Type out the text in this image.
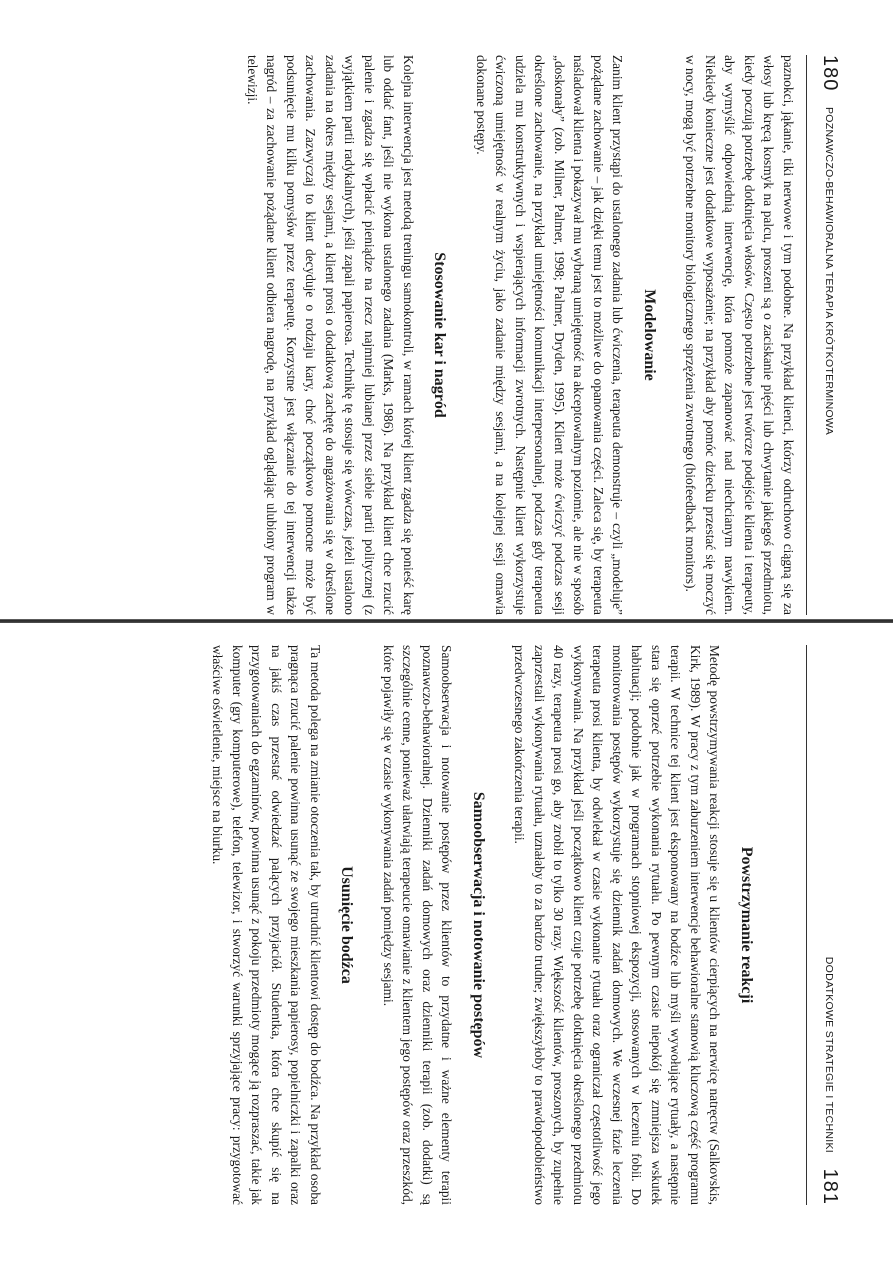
180
POZNAWCZO-BEHAWIORALNA TERAPIA KRÓTKOTERMINOWA

paznokci, jąkanie, tiki nerwowe i tym podobne. Na przykład klienci, którzy odruchowo ciągną się za włosy lub kręcą kosmyk na palcu, proszeni są o zaciskanie pięści lub chwytanie jakiegoś przedmiotu, kiedy poczują potrzebę dotknięcia włosów. Często potrzebne jest twórcze podejście klienta i terapeuty, aby wymyślić odpowiednią interwencję, która pomoże zapanować nad niechcianym nawykiem. Niekiedy konieczne jest dodatkowe wyposażenie; na przykład aby pomóc dziecku przestać się moczyć w nocy, mogą być potrzebne monitory biologicznego sprzężenia zwrotnego (biofeedback monitors).

Modelowanie

Zanim klient przystąpi do ustalonego zadania lub ćwiczenia, terapeuta demonstruje – czyli „modeluje” pożądane zachowanie – jak dzięki temu jest to możliwe do opanowania części. Zaleca się, by terapeuta naśladował klienta i pokazywał mu wybraną umiejętność na akceptowalnym poziomie, ale nie w sposób „doskonały” (zob. Milner, Palmer, 1998; Palmer, Dryden, 1995). Klient może ćwiczyć podczas sesji określone zachowanie, na przykład umiejętności komunikacji interpersonalnej, podczas gdy terapeuta udziela mu konstruktywnych i wspierających informacji zwrotnych. Następnie klient wykorzystuje ćwiczoną umiejętność w realnym życiu, jako zadanie między sesjami, a na kolejnej sesji omawia dokonane postępy.

Stosowanie kar i nagród

Kolejna interwencja jest metodą treningu samokontroli, w ramach której klient zgadza się ponieść karę lub oddać fant, jeśli nie wykona ustalonego zadania (Marks, 1986). Na przykład klient chce rzucić palenie i zgadza się wpłacić pieniądze na rzecz najmniej lubianej przez siebie partii politycznej (z wyjątkiem partii radykalnych), jeśli zapali papierosa. Technikę tę stosuje się wówczas, jeżeli ustalono zadania na okres między sesjami, a klient prosi o dodatkową zachętę do angażowania się w określone zachowania. Zazwyczaj to klient decyduje o rodzaju kary, choć początkowo pomocne może być podsunięcie mu kilku pomysłów przez terapeutę. Korzystne jest włączanie do tej interwencji także nagród – za zachowanie pożądane klient odbiera nagrodę, na przykład oglądając ulubiony program w telewizji.

DODATKOWE STRATEGIE I TECHNIKI
181
Powstrzymanie reakcji

Metodę powstrzymywania reakcji stosuje się u klientów cierpiących na nerwicę natręctw (Salkovskis, Kirk, 1989). W pracy z tym zaburzeniem interwencje behawioralne stanowią kluczową część programu terapii. W technice tej klient jest eksponowany na bodźce lub myśli wywołujące rytuały, a następnie stara się oprzeć potrzebie wykonania rytuału. Po pewnym czasie niepokój się zmniejsza wskutek habituacji; podobnie jak w programach stopniowej ekspozycji, stosowanych w leczeniu fobii. Do monitorowania postępów wykorzystuje się dziennik zadań domowych. We wczesnej fazie leczenia terapeuta prosi klienta, by odwlekał w czasie wykonanie rytuału oraz ograniczał częstotliwość jego wykonywania. Na przykład jeśli początkowo klient czuje potrzebę dotknięcia określonego przedmiotu 40 razy, terapeuta prosi go, aby zrobił to tylko 30 razy. Większość klientów, proszonych, by zupełnie zaprzestali wykonywania rytuału, uznałaby to za bardzo trudne; zwiększyłoby to prawdopodobieństwo przedwczesnego zakończenia terapii.

Samoobserwacja i notowanie postępów

Samoobserwacja i notowanie postępów przez klientów to przydatne i ważne elementy terapii poznawczo-behawioralnej. Dzienniki zadań domowych oraz dzienniki terapii (zob. dodatki) są szczególnie cenne, ponieważ ułatwiają terapeucie omawianie z klientem jego postępów oraz przeszkód, które pojawiły się w czasie wykonywania zadań pomiędzy sesjami.

Usunięcie bodźca

Ta metoda polega na zmianie otoczenia tak, by utrudnić klientowi dostęp do bodźca. Na przykład osoba pragnąca rzucić palenie powinna usunąć ze swojego mieszkania papierosy, popielniczki i zapalki oraz na jakiś czas przestać odwiedzać palących przyjaciół. Studentka, która chce skupić się na przygotowaniach do egzaminów, powinna usunąć z pokoju przedmioty mogące ją rozpraszać, takie jak komputer (gry komputerowe), telefon, telewizor, i stworzyć warunki sprzyjające pracy: przygotować właściwe oświetlenie, miejsce na biurku.
